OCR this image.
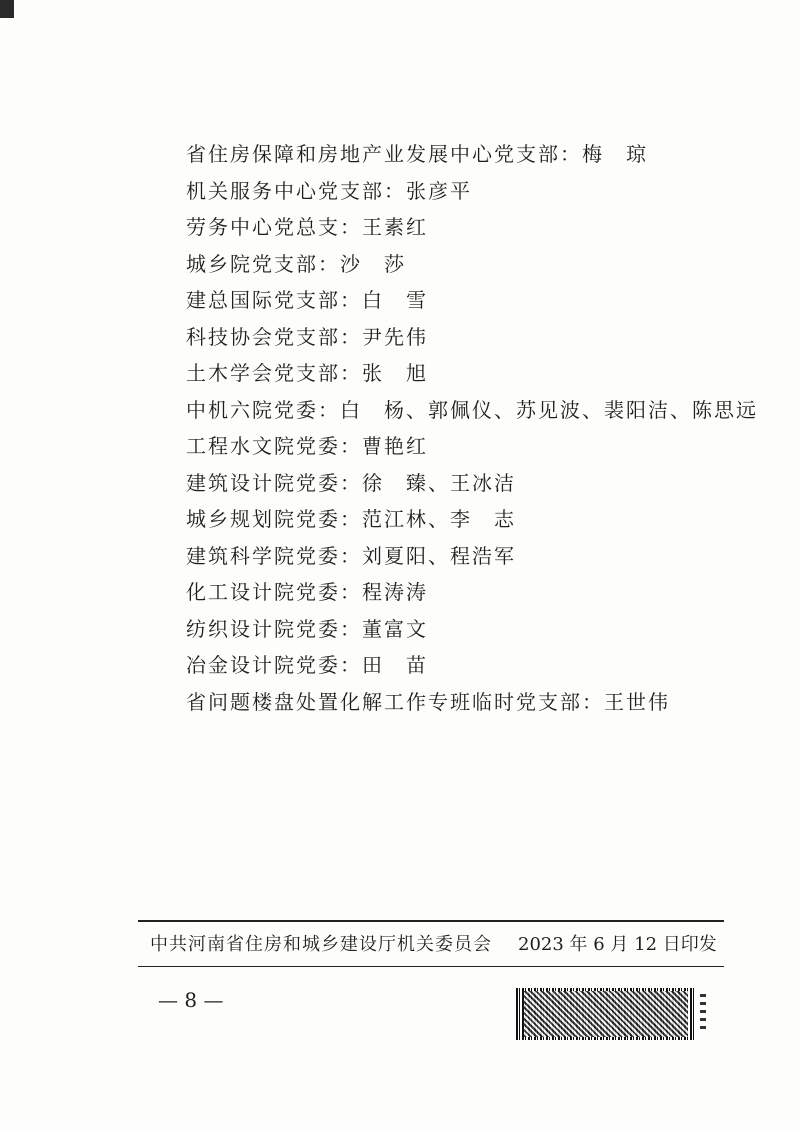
省住房保障和房地产业发展中心党支部：梅　琼
机关服务中心党支部：张彦平
劳务中心党总支：王素红
城乡院党支部：沙　莎
建总国际党支部：白　雪
科技协会党支部：尹先伟
土木学会党支部：张　旭
中机六院党委：白　杨、郭佩仪、苏见波、裴阳洁、陈思远
工程水文院党委：曹艳红
建筑设计院党委：徐　臻、王冰洁
城乡规划院党委：范江林、李　志
建筑科学院党委：刘夏阳、程浩军
化工设计院党委：程涛涛
纺织设计院党委：董富文
冶金设计院党委：田　苗
省问题楼盘处置化解工作专班临时党支部：王世伟
中共河南省住房和城乡建设厅机关委员会 2023 年 6 月 12 日印发
— 8 —
